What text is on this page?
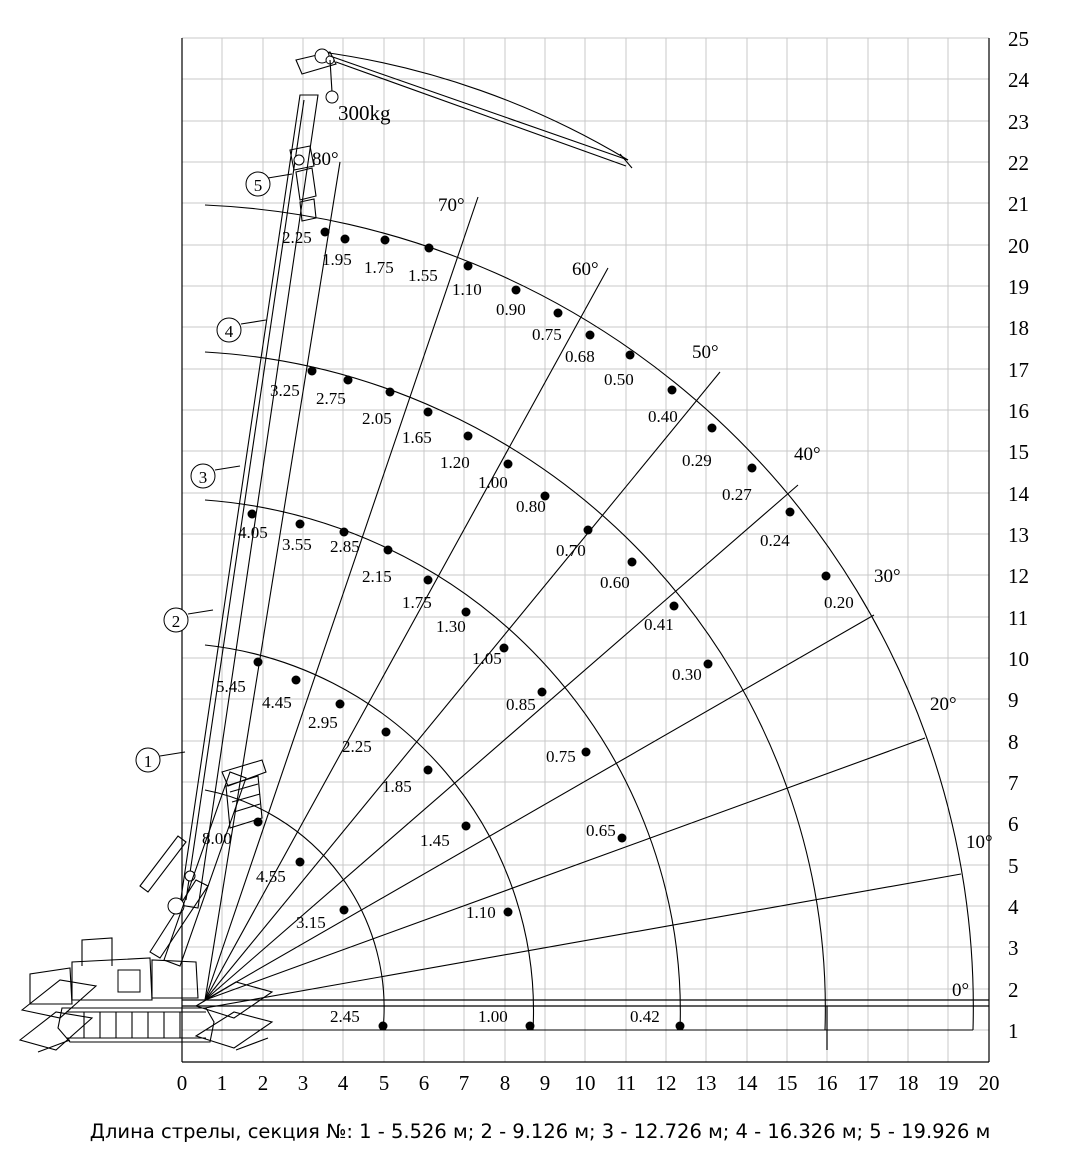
80°
70°
60°
50°
40°
30°
20°
10°
0°
0 1 2 3 4 5 6 7 8 9 10 11 12 13 14 15 16 17 18 19 20
1
2
3
4
5
6
7
8
9
10
11
12
13
14
15
16
17
18
19
20
21
22
23
24
25
5
4
3
2
1
300kg
2.25
1.95 1.75 1.55
1.10
0.90
0.75
0.68
0.50
0.40
0.29
0.27
0.24
0.20
3.25 2.75
2.05
1.65
1.20
1.00
0.80
0.70
0.60
0.41
0.30
4.05
3.55 2.85
2.15
1.75
1.30
1.05
0.85
0.75
0.65
5.45
4.45
2.95
2.25
1.85
1.45
1.10
1.00
8.00
4.55
3.15
2.45	0.42
Длина стрелы, секция №: 1 - 5.526 м; 2 - 9.126 м; 3 - 12.726 м; 4 - 16.326 м; 5 - 19.926 м
